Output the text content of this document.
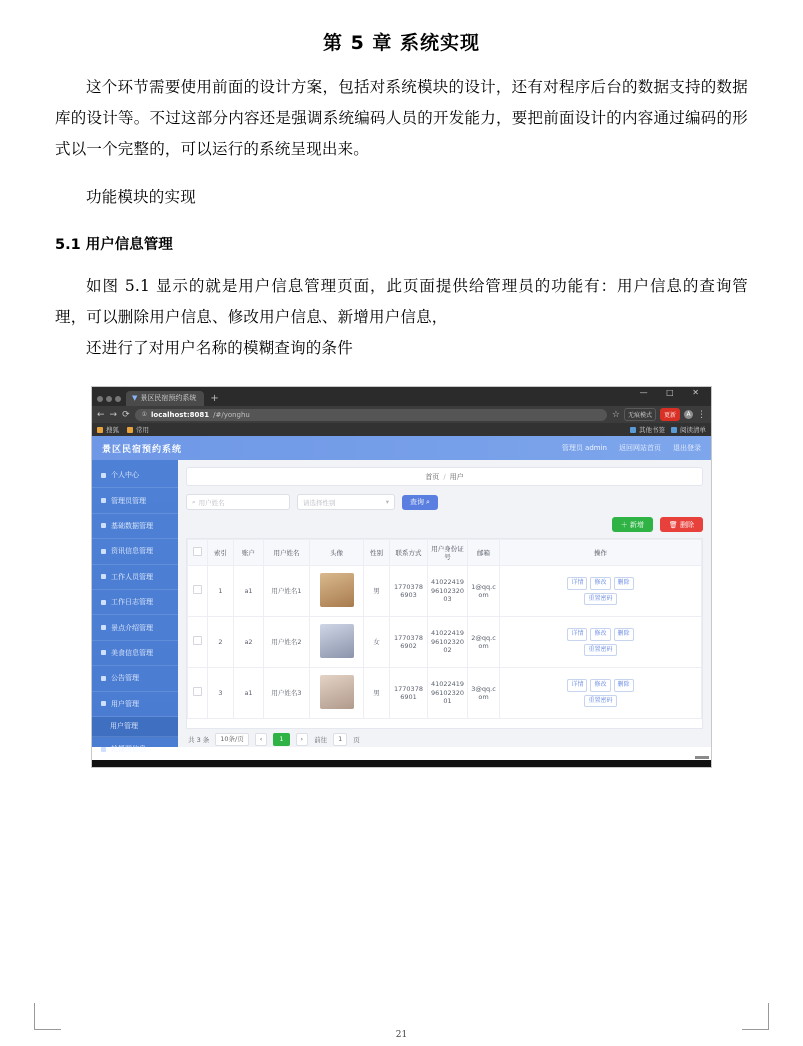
第 5 章 系统实现

这个环节需要使用前面的设计方案，包括对系统模块的设计，还有对程序后台的数据支持的数据库的设计等。不过这部分内容还是强调系统编码人员的开发能力，要把前面设计的内容通过编码的形式以一个完整的，可以运行的系统呈现出来。

功能模块的实现

5.1 用户信息管理

如图 5.1 显示的就是用户信息管理页面，此页面提供给管理员的功能有：用户信息的查询管理，可以删除用户信息、修改用户信息、新增用户信息，

还进行了对用户名称的模糊查询的条件

▼ 景区民宿预约系统 +
— □ ✕
← → ⟳ ① localhost:8081 /#/yonghu	☆	无痕模式	更新	A ⋮
搜狐	常用	其他书签 阅读清单
景区民宿预约系统	管理员 admin 返回网站首页 退出登录
个人中心
管理员管理
基础数据管理
资讯信息管理
工作人员管理
工作日志管理
景点介绍管理
美食信息管理
公告管理
用户管理
用户管理
轮播图信息
首页 / 用户
⌕ 用户姓名	请选择性别	▾	查询 ⌕
＋ 新增	🗑 删除
	索引	账户	用户姓名	头像	性别	联系方式	用户身份证号	邮箱	操作
	1	a1	用户姓名1		男	17703786903	410224199610232003	1@qq.com	详情 修改 删除
重置密码

	2	a2	用户姓名2		女	17703786902	410224199610232002	2@qq.com	详情 修改 删除
重置密码

	3	a1	用户姓名3		男	17703786901	410224199610232001	3@qq.com	详情 修改 删除
重置密码
共 3 条	10条/页	‹	1	›	前往	1	页
21
